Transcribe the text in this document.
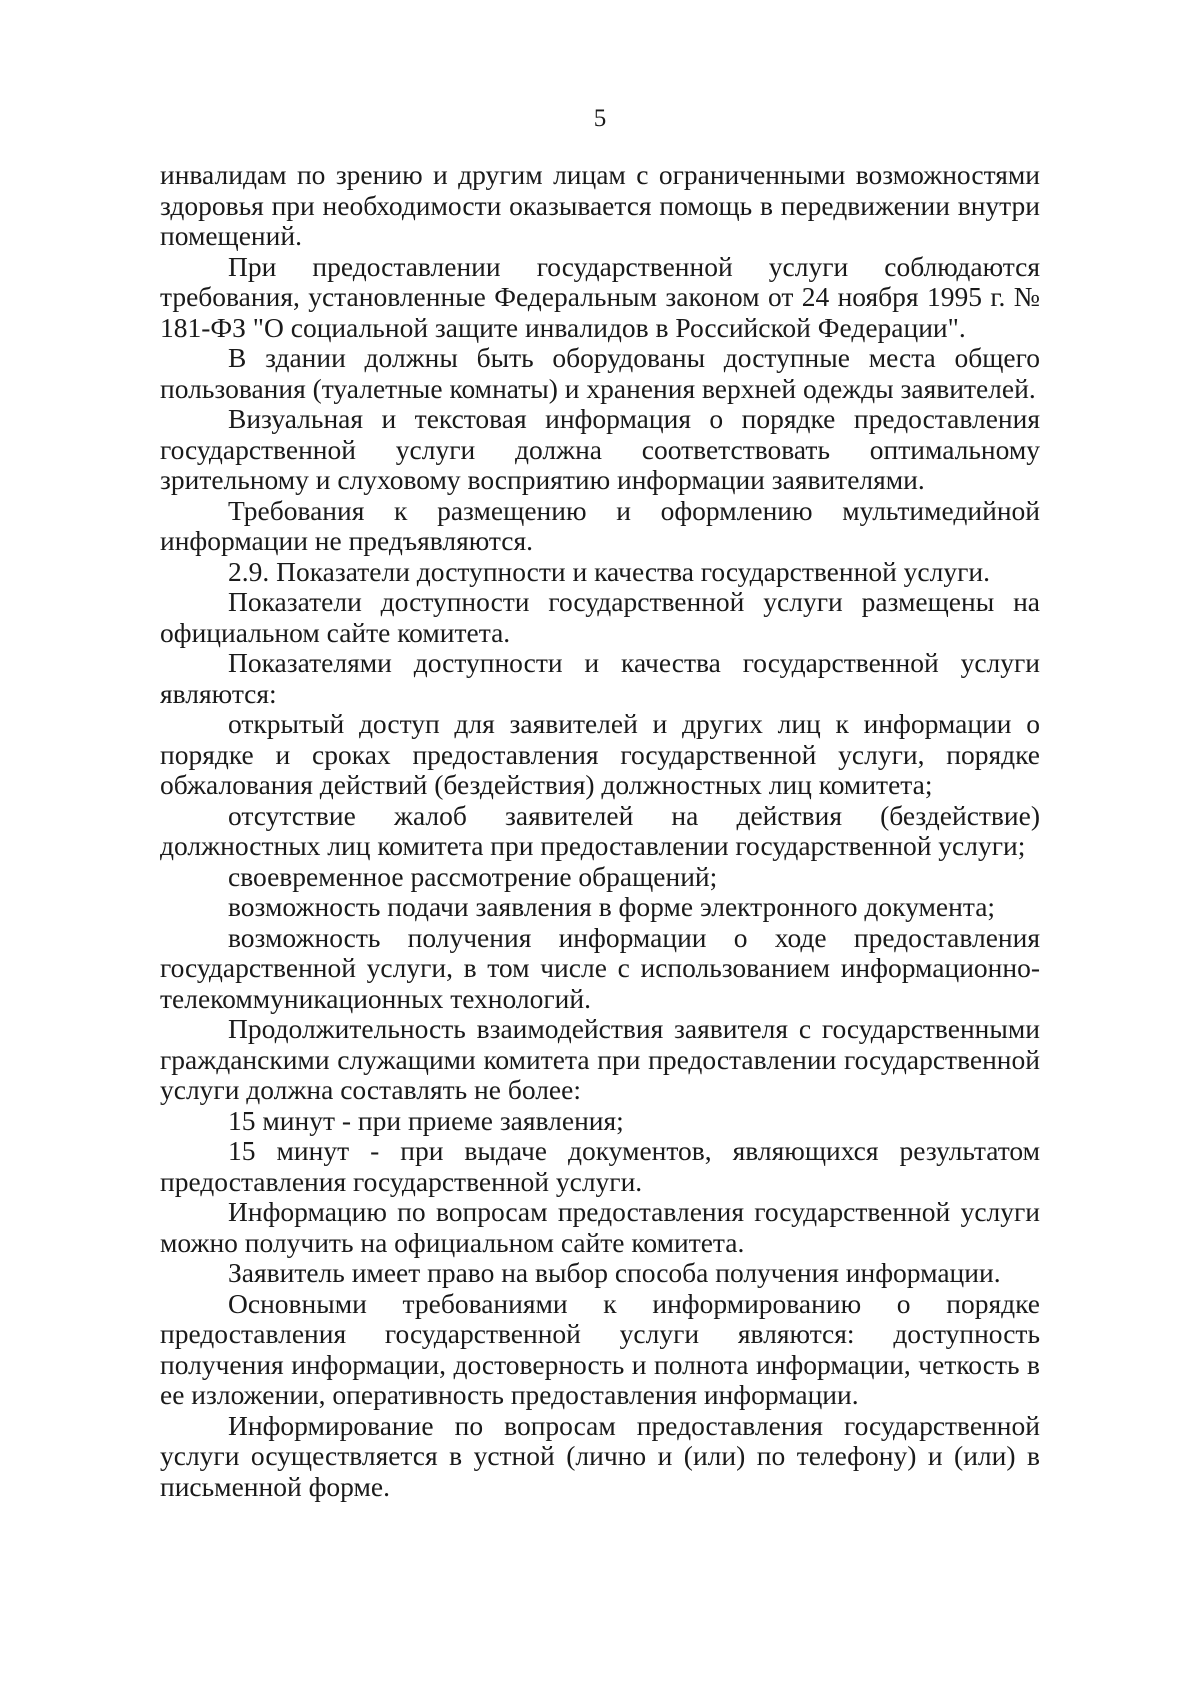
5

инвалидам по зрению и другим лицам с ограниченными возможностями здоровья при необходимости оказывается помощь в передвижении внутри помещений.

При предоставлении государственной услуги соблюдаются требования, установленные Федеральным законом от 24 ноября 1995 г. № 181-ФЗ "О социальной защите инвалидов в Российской Федерации".

В здании должны быть оборудованы доступные места общего пользования (туалетные комнаты) и хранения верхней одежды заявителей.

Визуальная и текстовая информация о порядке предоставления государственной услуги должна соответствовать оптимальному зрительному и слуховому восприятию информации заявителями.

Требования к размещению и оформлению мультимедийной информации не предъявляются.

2.9. Показатели доступности и качества государственной услуги.

Показатели доступности государственной услуги размещены на официальном сайте комитета.

Показателями доступности и качества государственной услуги являются:

открытый доступ для заявителей и других лиц к информации о порядке и сроках предоставления государственной услуги, порядке обжалования действий (бездействия) должностных лиц комитета;

отсутствие жалоб заявителей на действия (бездействие) должностных лиц комитета при предоставлении государственной услуги;

своевременное рассмотрение обращений;

возможность подачи заявления в форме электронного документа;

возможность получения информации о ходе предоставления государственной услуги, в том числе с использованием информационно-телекоммуникационных технологий.

Продолжительность взаимодействия заявителя с государственными гражданскими служащими комитета при предоставлении государственной услуги должна составлять не более:

15 минут - при приеме заявления;

15 минут - при выдаче документов, являющихся результатом предоставления государственной услуги.

Информацию по вопросам предоставления государственной услуги можно получить на официальном сайте комитета.

Заявитель имеет право на выбор способа получения информации.

Основными требованиями к информированию о порядке предоставления государственной услуги являются: доступность получения информации, достоверность и полнота информации, четкость в ее изложении, оперативность предоставления информации.

Информирование по вопросам предоставления государственной услуги осуществляется в устной (лично и (или) по телефону) и (или) в письменной форме.
